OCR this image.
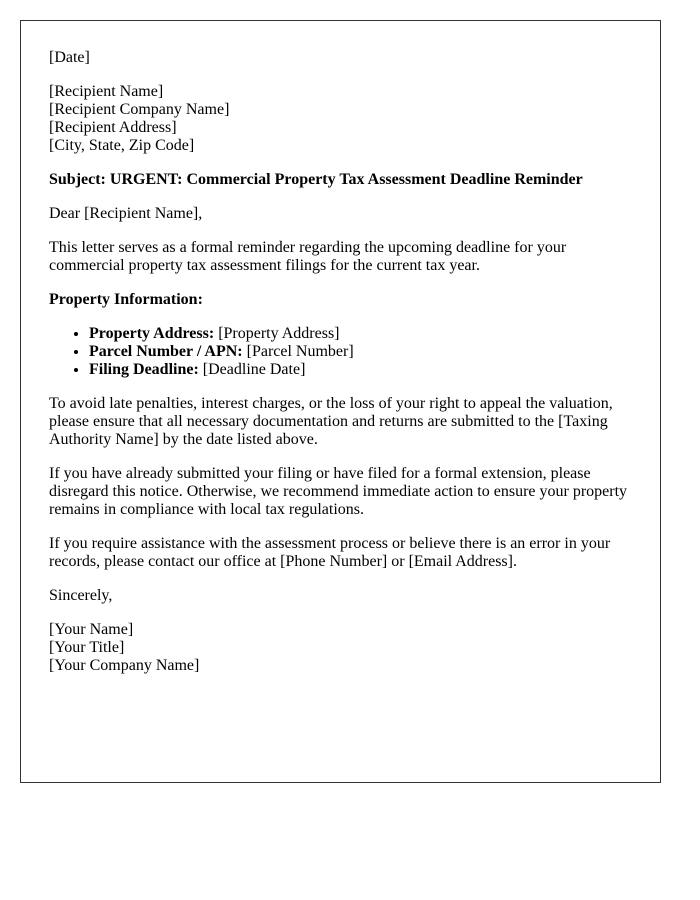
[Date]

[Recipient Name]
[Recipient Company Name]
[Recipient Address]
[City, State, Zip Code]

Subject: URGENT: Commercial Property Tax Assessment Deadline Reminder

Dear [Recipient Name],

This letter serves as a formal reminder regarding the upcoming deadline for your commercial property tax assessment filings for the current tax year.

Property Information:

• Property Address: [Property Address]
• Parcel Number / APN: [Parcel Number]
• Filing Deadline: [Deadline Date]

To avoid late penalties, interest charges, or the loss of your right to appeal the valuation, please ensure that all necessary documentation and returns are submitted to the [Taxing Authority Name] by the date listed above.

If you have already submitted your filing or have filed for a formal extension, please disregard this notice. Otherwise, we recommend immediate action to ensure your property remains in compliance with local tax regulations.

If you require assistance with the assessment process or believe there is an error in your records, please contact our office at [Phone Number] or [Email Address].

Sincerely,

[Your Name]
[Your Title]
[Your Company Name]
